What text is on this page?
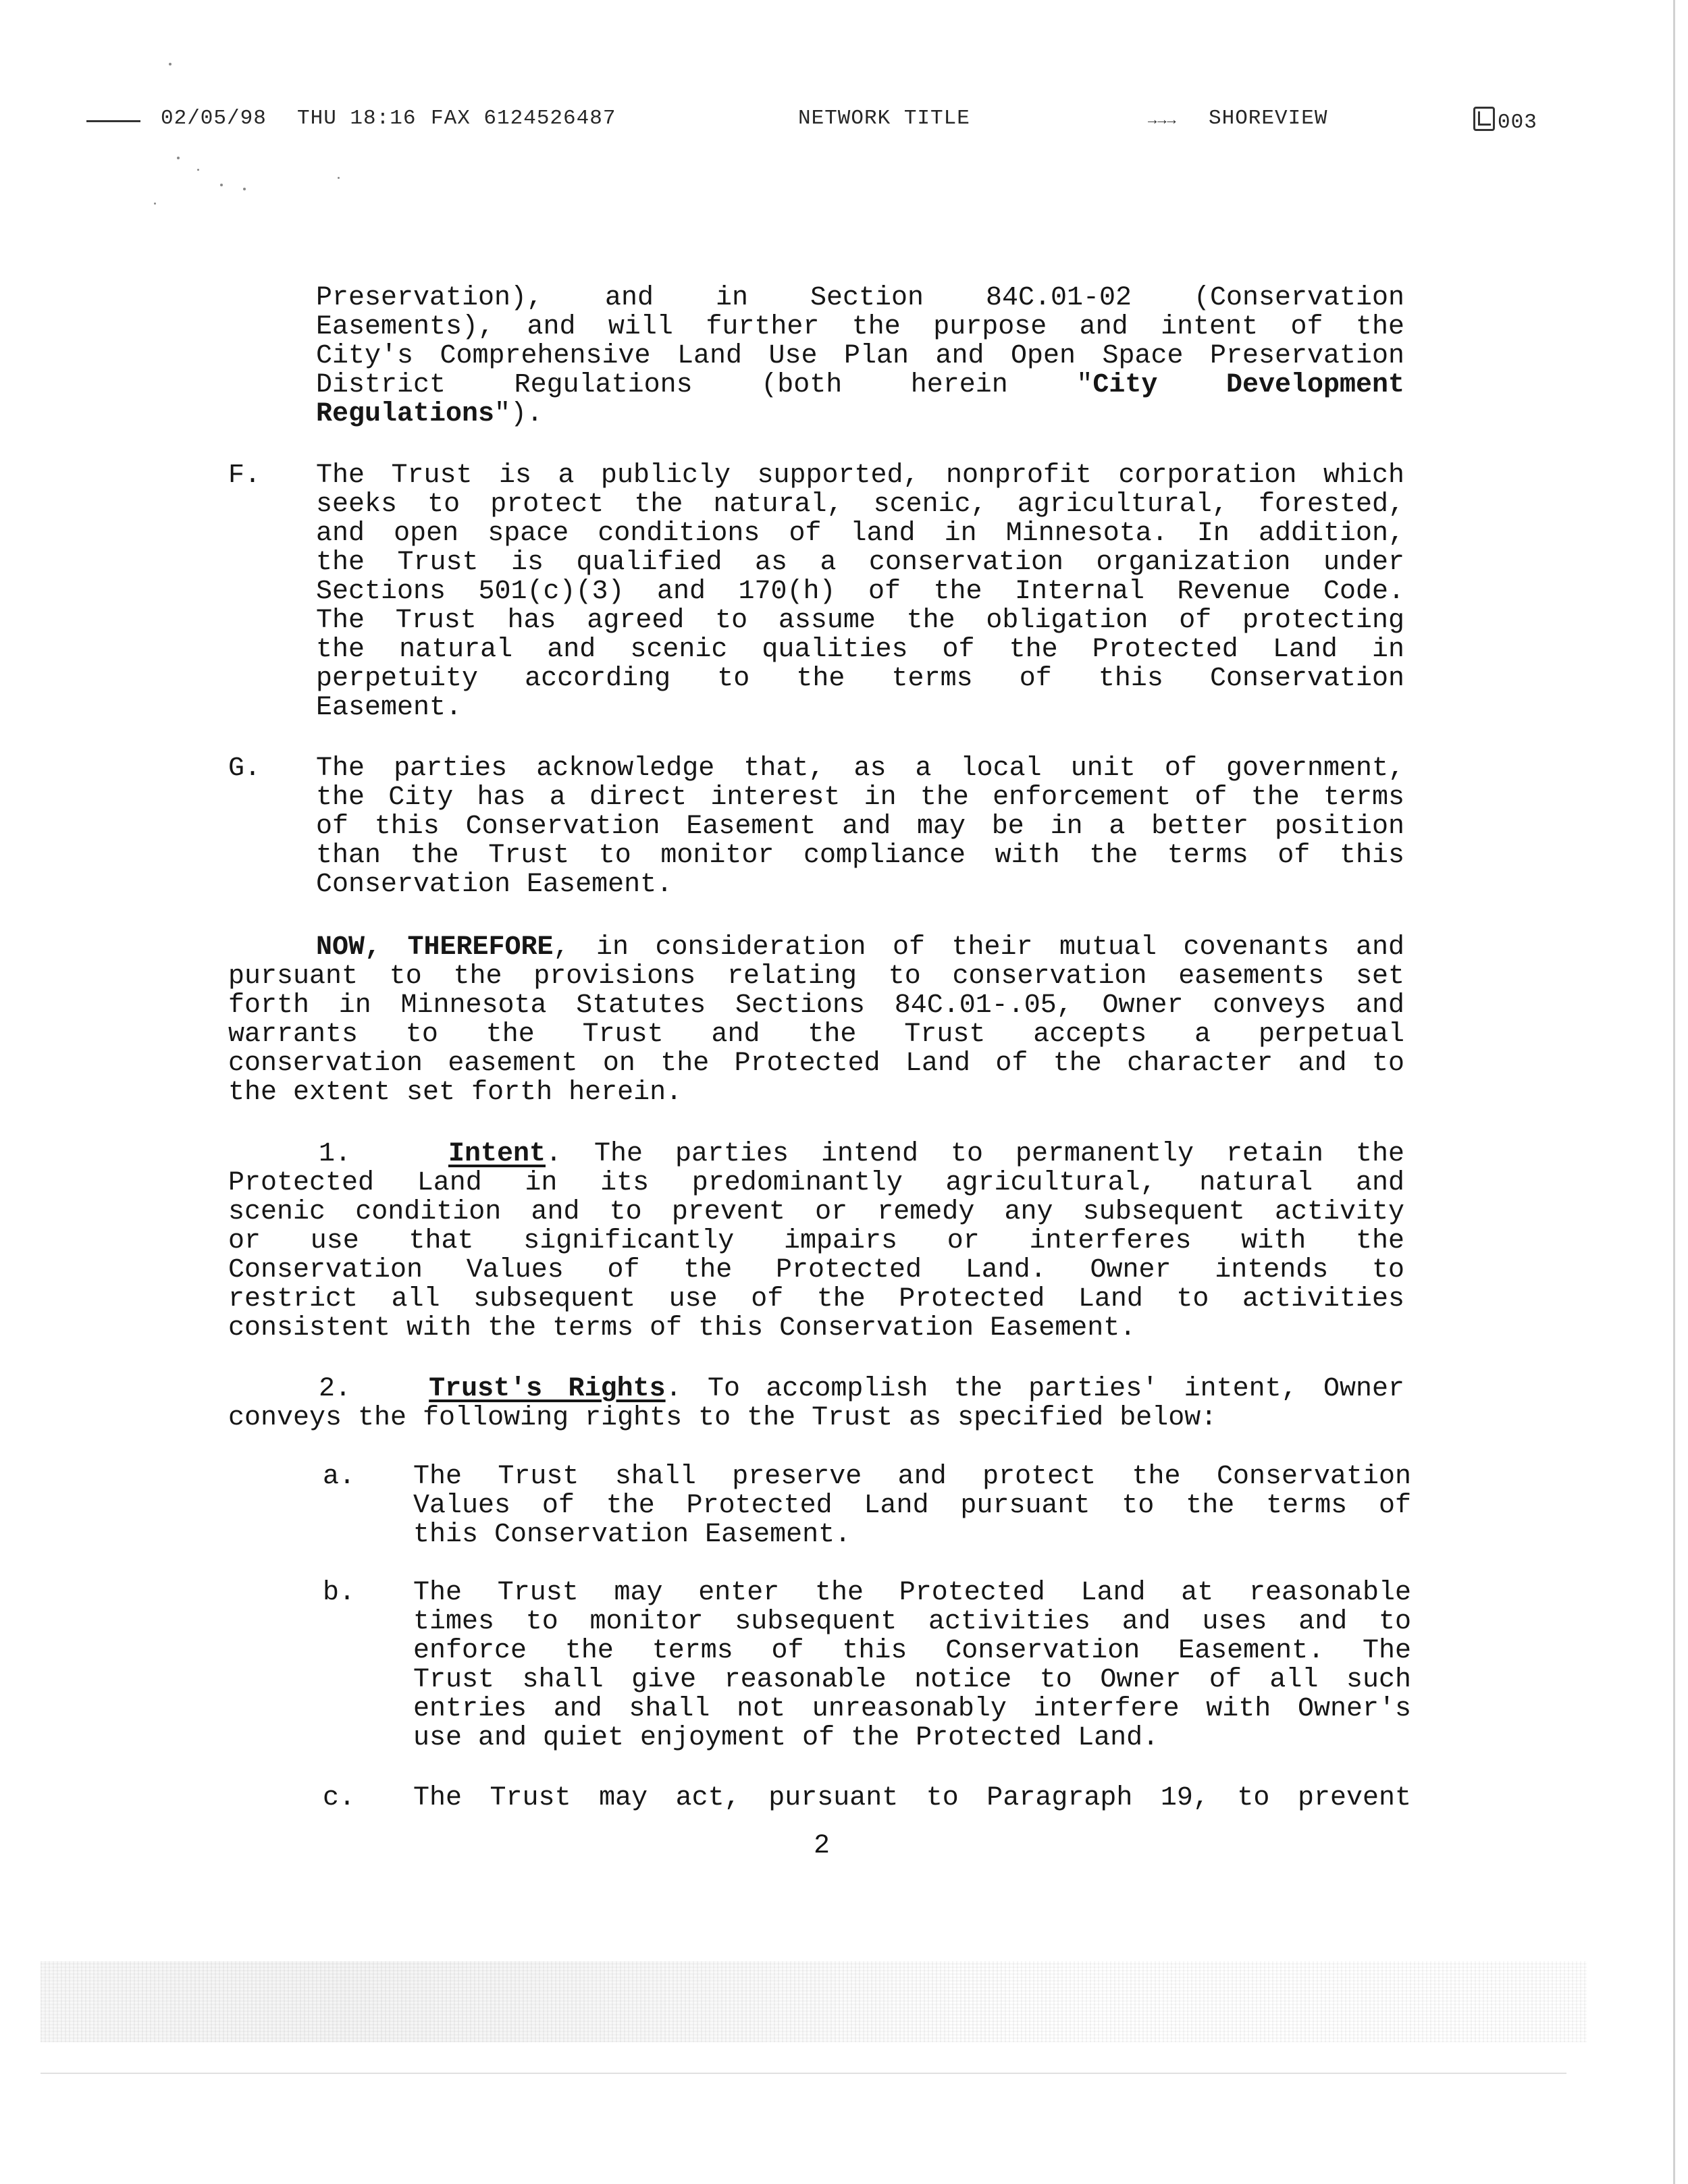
02/05/98 THU 18:16 FAX 6124526487	NETWORK TITLE	→→→ SHOREVIEW	003
Preservation), and in Section 84C.01-02 (Conservation
Easements), and will further the purpose and intent of the
City's Comprehensive Land Use Plan and Open Space Preservation
District Regulations (both herein "City Development
Regulations").
F. The Trust is a publicly supported, nonprofit corporation which
seeks to protect the natural, scenic, agricultural, forested,
and open space conditions of land in Minnesota. In addition,
the Trust is qualified as a conservation organization under
Sections 501(c)(3) and 170(h) of the Internal Revenue Code.
The Trust has agreed to assume the obligation of protecting
the natural and scenic qualities of the Protected Land in
perpetuity according to the terms of this Conservation
Easement.
G. The parties acknowledge that, as a local unit of government,
the City has a direct interest in the enforcement of the terms
of this Conservation Easement and may be in a better position
than the Trust to monitor compliance with the terms of this
Conservation Easement.
NOW, THEREFORE, in consideration of their mutual covenants and
pursuant to the provisions relating to conservation easements set
forth in Minnesota Statutes Sections 84C.01-.05, Owner conveys and
warrants to the Trust and the Trust accepts a perpetual
conservation easement on the Protected Land of the character and to
the extent set forth herein.
1.	Intent. The parties intend to permanently retain the
Protected Land in its predominantly agricultural, natural and
scenic condition and to prevent or remedy any subsequent activity
or use that significantly impairs or interferes with the
Conservation Values of the Protected Land. Owner intends to
restrict all subsequent use of the Protected Land to activities
consistent with the terms of this Conservation Easement.
2.	Trust's Rights. To accomplish the parties' intent, Owner
conveys the following rights to the Trust as specified below:
a. The Trust shall preserve and protect the Conservation
Values of the Protected Land pursuant to the terms of
this Conservation Easement.
b. The Trust may enter the Protected Land at reasonable
times to monitor subsequent activities and uses and to
enforce the terms of this Conservation Easement. The
Trust shall give reasonable notice to Owner of all such
entries and shall not unreasonably interfere with Owner's
use and quiet enjoyment of the Protected Land.
c. The Trust may act, pursuant to Paragraph 19, to prevent
2
